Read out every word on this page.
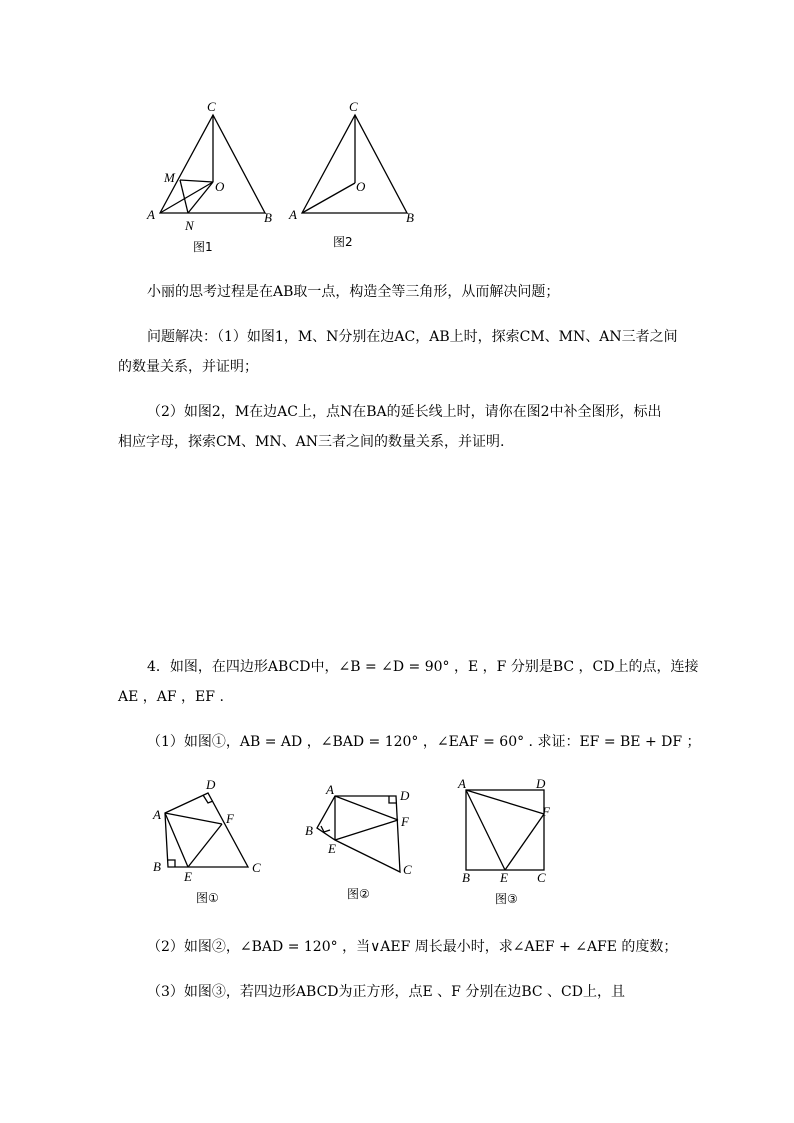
C
M
O
A
N
B
图1
C
O
A	B
图2
小丽的思考过程是在AB取一点，构造全等三角形，从而解决问题；
问题解决：（1）如图1，M、N分别在边AC，AB上时，探索CM、MN、AN三者之间
的数量关系，并证明；
（2）如图2，M在边AC上，点N在BA的延长线上时，请你在图2中补全图形，标出
相应字母，探索CM、MN、AN三者之间的数量关系，并证明.
4．如图，在四边形ABCD中，∠B = ∠D = 90° ，E ，F 分别是BC ，CD上的点，连接
AE ，AF ，EF .
（1）如图①，AB = AD ，∠BAD = 120° ，∠EAF = 60° . 求证：EF = BE + DF ；
D
A	F
B
E
C
图①
A	D
F
B
E
C
图②
A	D
F
B E C
图③
（2）如图②，∠BAD = 120° ，当∨AEF 周长最小时，求∠AEF + ∠AFE 的度数；
（3）如图③，若四边形ABCD为正方形，点E 、F 分别在边BC 、CD上，且
